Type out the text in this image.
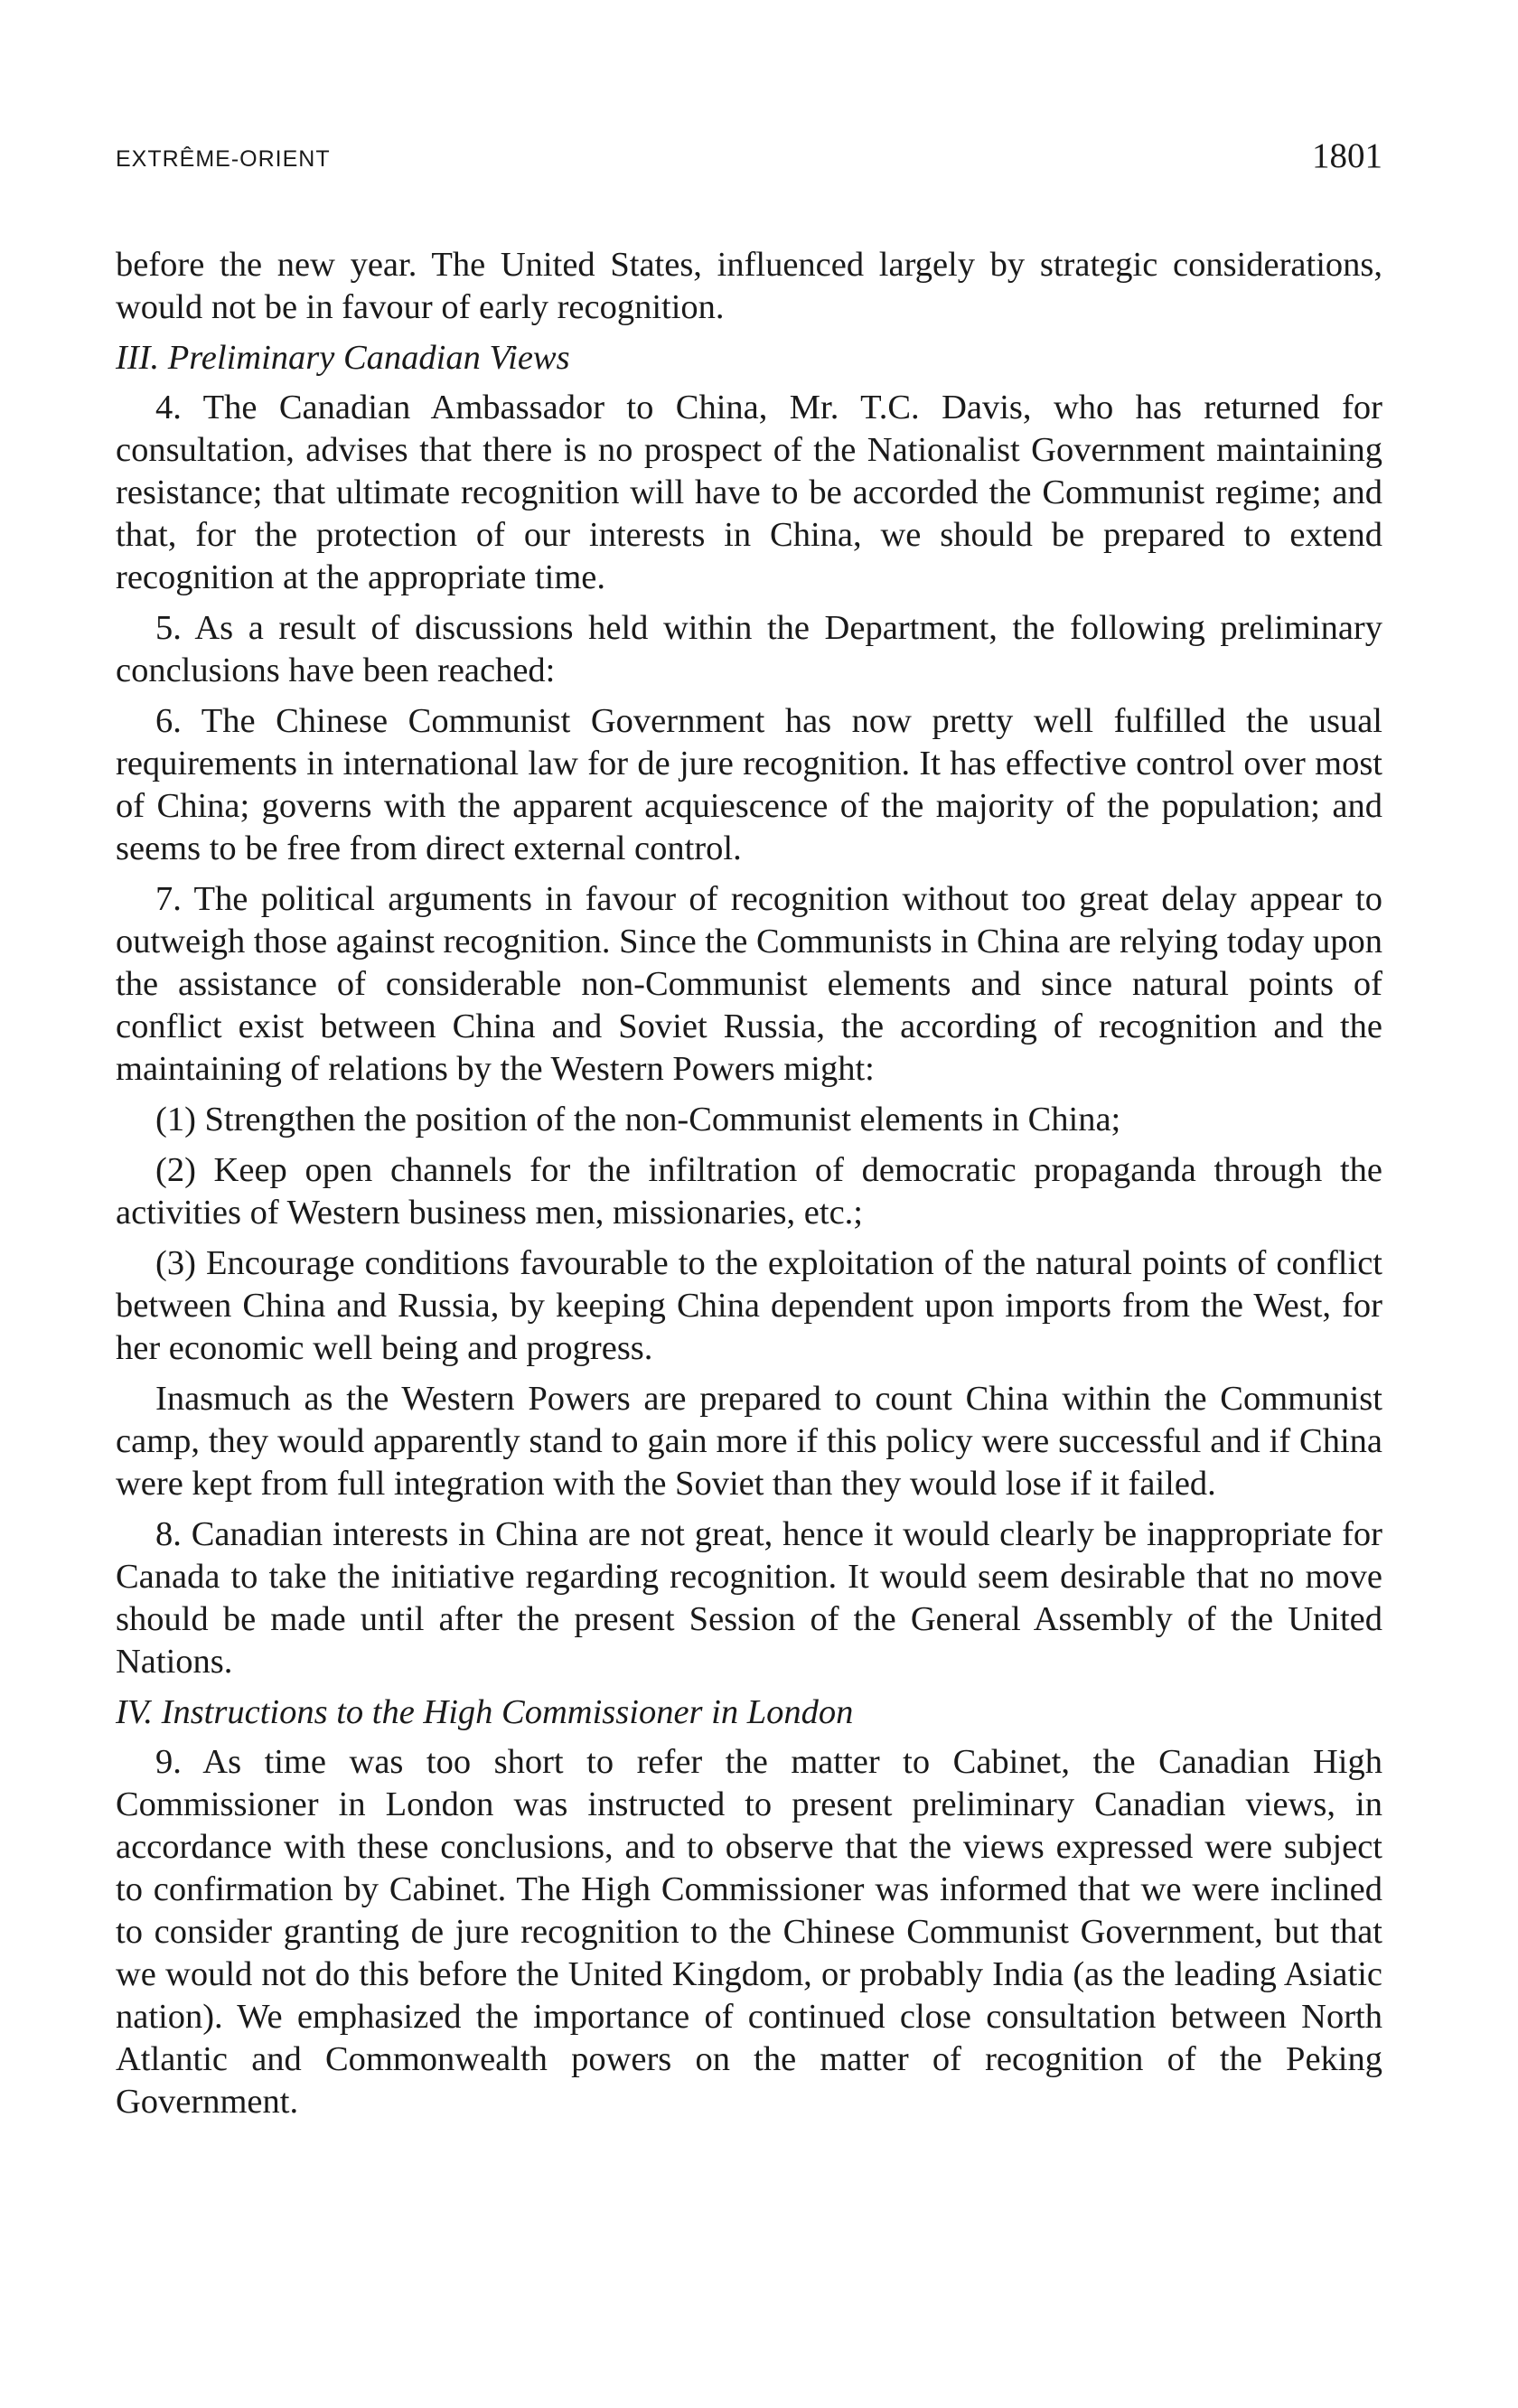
EXTRÊME-ORIENT	1801

before the new year. The United States, influenced largely by strategic considerations, would not be in favour of early recognition.

III. Preliminary Canadian Views

4. The Canadian Ambassador to China, Mr. T.C. Davis, who has returned for consultation, advises that there is no prospect of the Nationalist Government maintaining resistance; that ultimate recognition will have to be accorded the Communist regime; and that, for the protection of our interests in China, we should be prepared to extend recognition at the appropriate time.

5. As a result of discussions held within the Department, the following preliminary conclusions have been reached:

6. The Chinese Communist Government has now pretty well fulfilled the usual requirements in international law for de jure recognition. It has effective control over most of China; governs with the apparent acquiescence of the majority of the population; and seems to be free from direct external control.

7. The political arguments in favour of recognition without too great delay appear to outweigh those against recognition. Since the Communists in China are relying today upon the assistance of considerable non-Communist elements and since natural points of conflict exist between China and Soviet Russia, the according of recognition and the maintaining of relations by the Western Powers might:

(1) Strengthen the position of the non-Communist elements in China;

(2) Keep open channels for the infiltration of democratic propaganda through the activities of Western business men, missionaries, etc.;

(3) Encourage conditions favourable to the exploitation of the natural points of conflict between China and Russia, by keeping China dependent upon imports from the West, for her economic well being and progress.

Inasmuch as the Western Powers are prepared to count China within the Communist camp, they would apparently stand to gain more if this policy were successful and if China were kept from full integration with the Soviet than they would lose if it failed.

8. Canadian interests in China are not great, hence it would clearly be inappropriate for Canada to take the initiative regarding recognition. It would seem desirable that no move should be made until after the present Session of the General Assembly of the United Nations.

IV. Instructions to the High Commissioner in London

9. As time was too short to refer the matter to Cabinet, the Canadian High Commissioner in London was instructed to present preliminary Canadian views, in accordance with these conclusions, and to observe that the views expressed were subject to confirmation by Cabinet. The High Commissioner was informed that we were inclined to consider granting de jure recognition to the Chinese Communist Government, but that we would not do this before the United Kingdom, or probably India (as the leading Asiatic nation). We emphasized the importance of continued close consultation between North Atlantic and Commonwealth powers on the matter of recognition of the Peking Government.
